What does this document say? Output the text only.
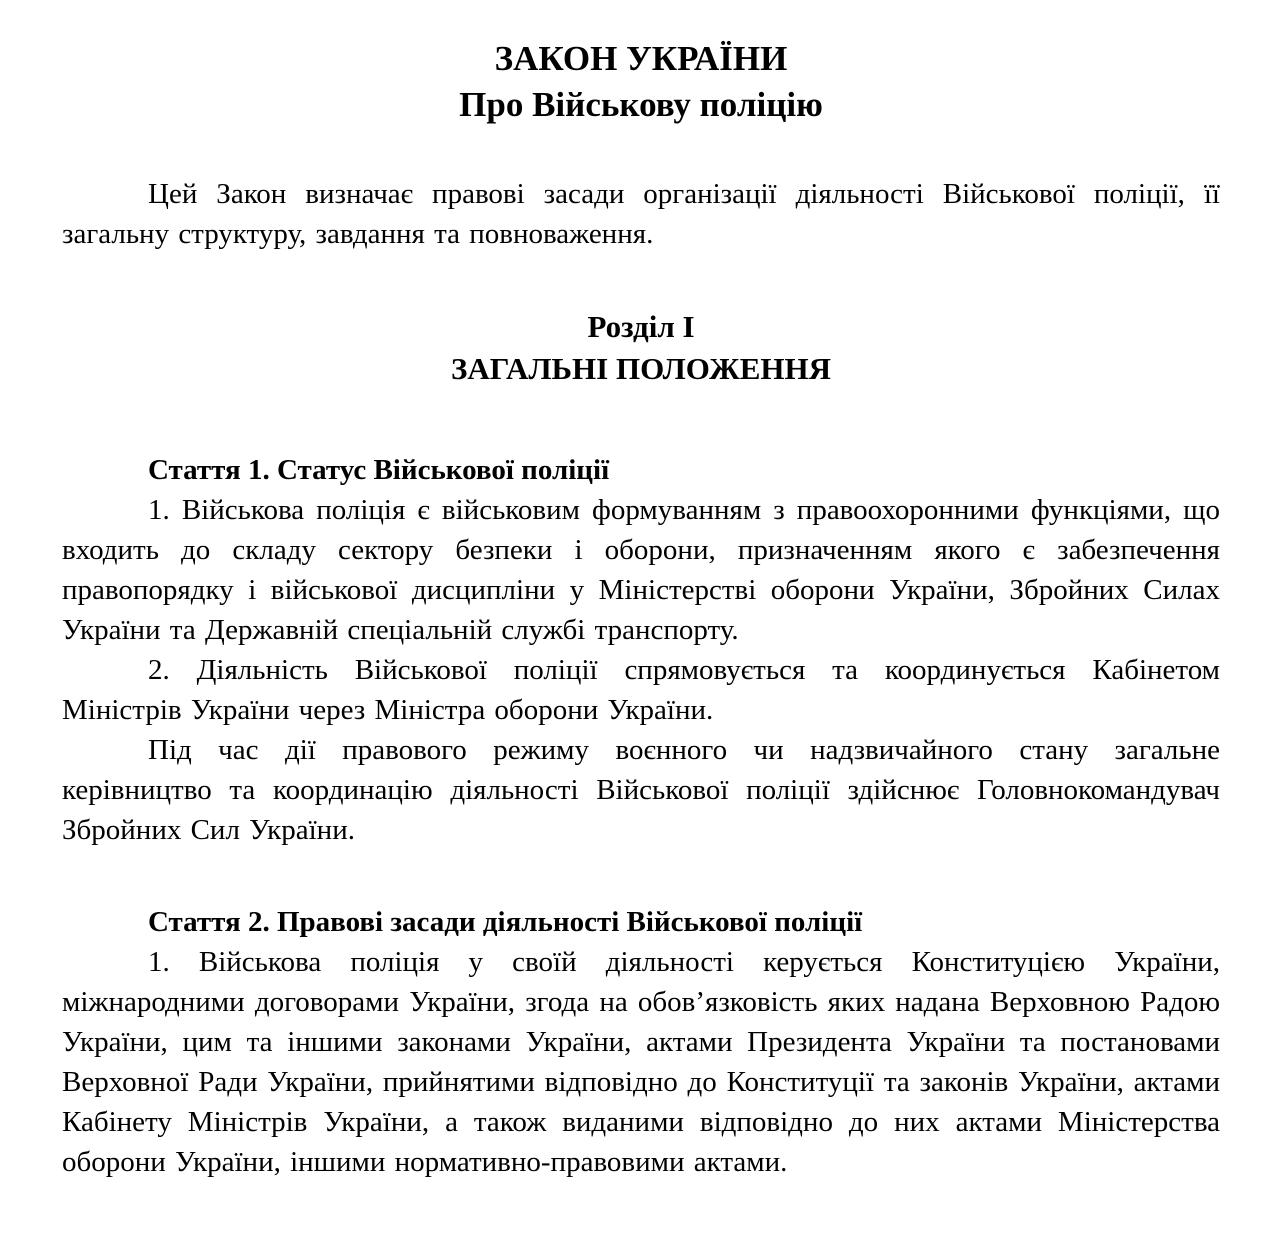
ЗАКОН УКРАЇНИ
Про Військову поліцію

Цей Закон визначає правові засади організації діяльності Військової поліції, її загальну структуру, завдання та повноваження.

Розділ I
ЗАГАЛЬНІ ПОЛОЖЕННЯ

Стаття 1. Статус Військової поліції

1. Військова поліція є військовим формуванням з правоохоронними функціями, що входить до складу сектору безпеки і оборони, призначенням якого є забезпечення правопорядку і військової дисципліни у Міністерстві оборони України, Збройних Силах України та Державній спеціальній службі транспорту.

2. Діяльність Військової поліції спрямовується та координується Кабінетом Міністрів України через Міністра оборони України.

Під час дії правового режиму воєнного чи надзвичайного стану загальне керівництво та координацію діяльності Військової поліції здійснює Головнокомандувач Збройних Сил України.

Стаття 2. Правові засади діяльності Військової поліції

1. Військова поліція у своїй діяльності керується Конституцією України, міжнародними договорами України, згода на обов’язковість яких надана Верховною Радою України, цим та іншими законами України, актами Президента України та постановами Верховної Ради України, прийнятими відповідно до Конституції та законів України, актами Кабінету Міністрів України, а також виданими відповідно до них актами Міністерства оборони України, іншими нормативно-правовими актами.
